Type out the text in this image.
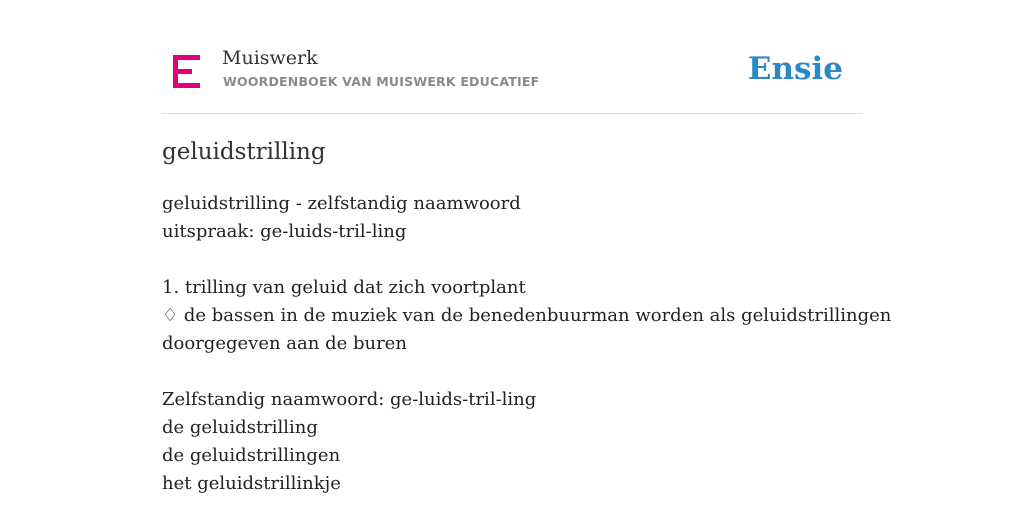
Muiswerk
WOORDENBOEK VAN MUISWERK EDUCATIEF	Ensie
geluidstrilling
geluidstrilling - zelfstandig naamwoord
uitspraak: ge-luids-tril-ling
1. trilling van geluid dat zich voortplant
♢ de bassen in de muziek van de benedenbuurman worden als geluidstrillingen
doorgegeven aan de buren
Zelfstandig naamwoord: ge-luids-tril-ling
de geluidstrilling
de geluidstrillingen
het geluidstrillinkje
